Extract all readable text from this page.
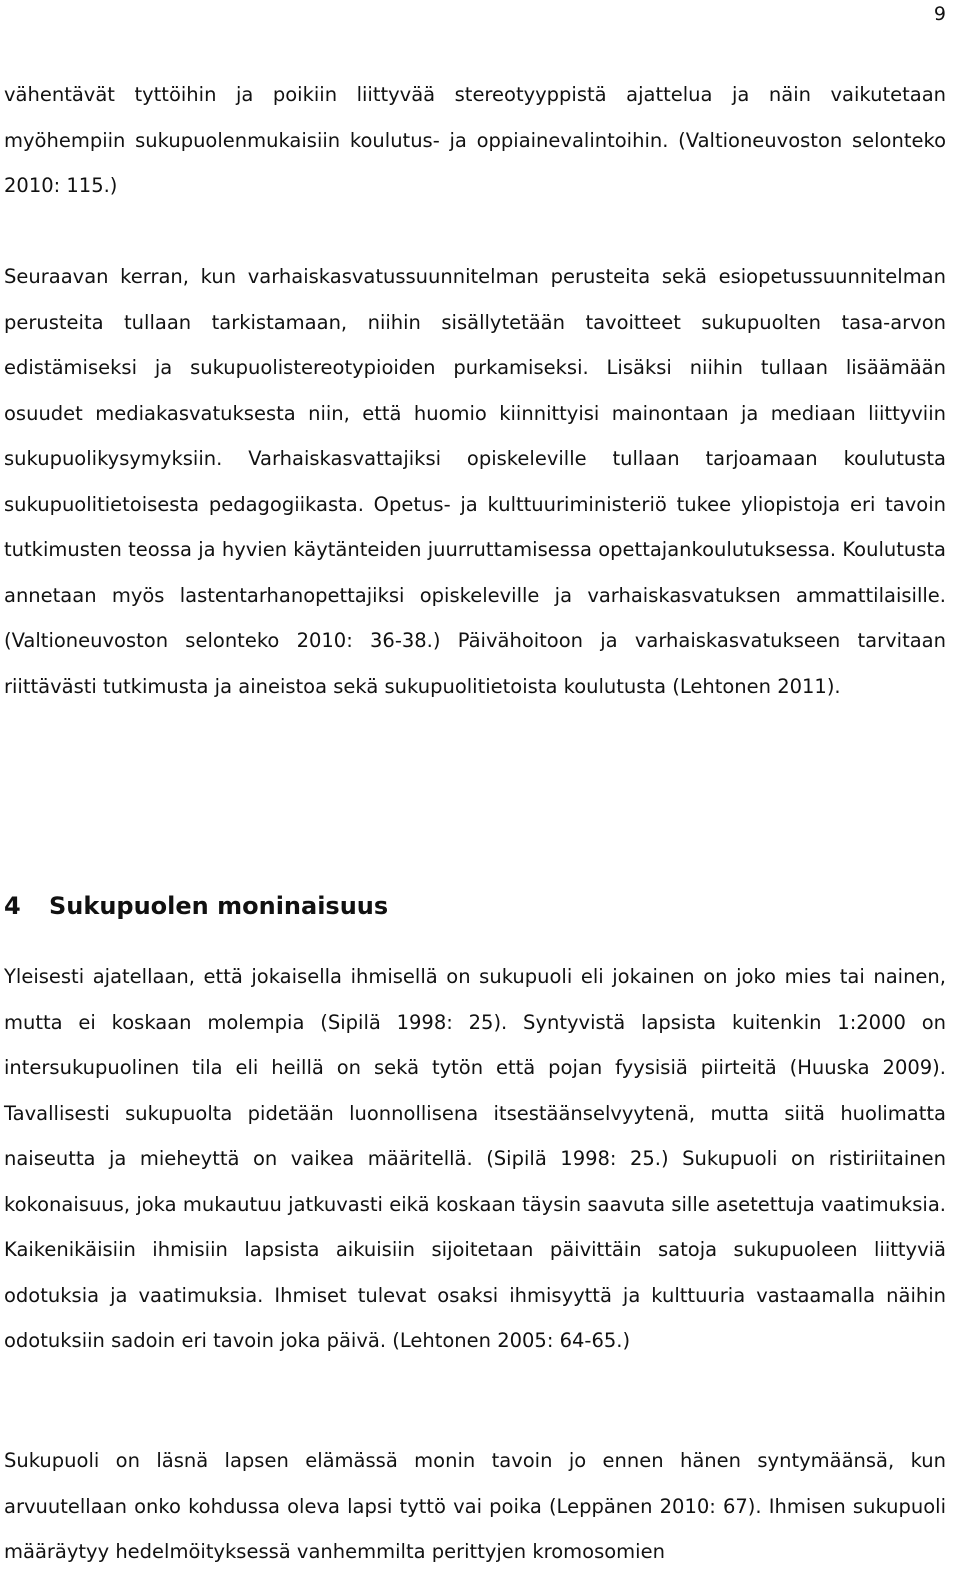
9

vähentävät tyttöihin ja poikiin liittyvää stereotyyppistä ajattelua ja näin vaikutetaan myöhempiin sukupuolenmukaisiin koulutus- ja oppiainevalintoihin. (Valtioneuvoston selonteko 2010: 115.)

Seuraavan kerran, kun varhaiskasvatussuunnitelman perusteita sekä esiopetussuunnitelman perusteita tullaan tarkistamaan, niihin sisällytetään tavoitteet sukupuolten tasa-arvon edistämiseksi ja sukupuolistereotypioiden purkamiseksi. Lisäksi niihin tullaan lisäämään osuudet mediakasvatuksesta niin, että huomio kiinnittyisi mainontaan ja mediaan liittyviin sukupuolikysymyksiin. Varhaiskasvattajiksi opiskeleville tullaan tarjoamaan koulutusta sukupuolitietoisesta pedagogiikasta. Opetus- ja kulttuuriministeriö tukee yliopistoja eri tavoin tutkimusten teossa ja hyvien käytänteiden juurruttamisessa opettajankoulutuksessa. Koulutusta annetaan myös lastentarhanopettajiksi opiskeleville ja varhaiskasvatuksen ammattilaisille. (Valtioneuvoston selonteko 2010: 36-38.) Päivähoitoon ja varhaiskasvatukseen tarvitaan riittävästi tutkimusta ja aineistoa sekä sukupuolitietoista koulutusta (Lehtonen 2011).

4 Sukupuolen moninaisuus

Yleisesti ajatellaan, että jokaisella ihmisellä on sukupuoli eli jokainen on joko mies tai nainen, mutta ei koskaan molempia (Sipilä 1998: 25). Syntyvistä lapsista kuitenkin 1:2000 on intersukupuolinen tila eli heillä on sekä tytön että pojan fyysisiä piirteitä (Huuska 2009). Tavallisesti sukupuolta pidetään luonnollisena itsestäänselvyytenä, mutta siitä huolimatta naiseutta ja mieheyttä on vaikea määritellä. (Sipilä 1998: 25.) Sukupuoli on ristiriitainen kokonaisuus, joka mukautuu jatkuvasti eikä koskaan täysin saavuta sille asetettuja vaatimuksia. Kaikenikäisiin ihmisiin lapsista aikuisiin sijoitetaan päivittäin satoja sukupuoleen liittyviä odotuksia ja vaatimuksia. Ihmiset tulevat osaksi ihmisyyttä ja kulttuuria vastaamalla näihin odotuksiin sadoin eri tavoin joka päivä. (Lehtonen 2005: 64-65.)

Sukupuoli on läsnä lapsen elämässä monin tavoin jo ennen hänen syntymäänsä, kun arvuutellaan onko kohdussa oleva lapsi tyttö vai poika (Leppänen 2010: 67). Ihmisen sukupuoli määräytyy hedelmöityksessä vanhemmilta perittyjen kromosomien
